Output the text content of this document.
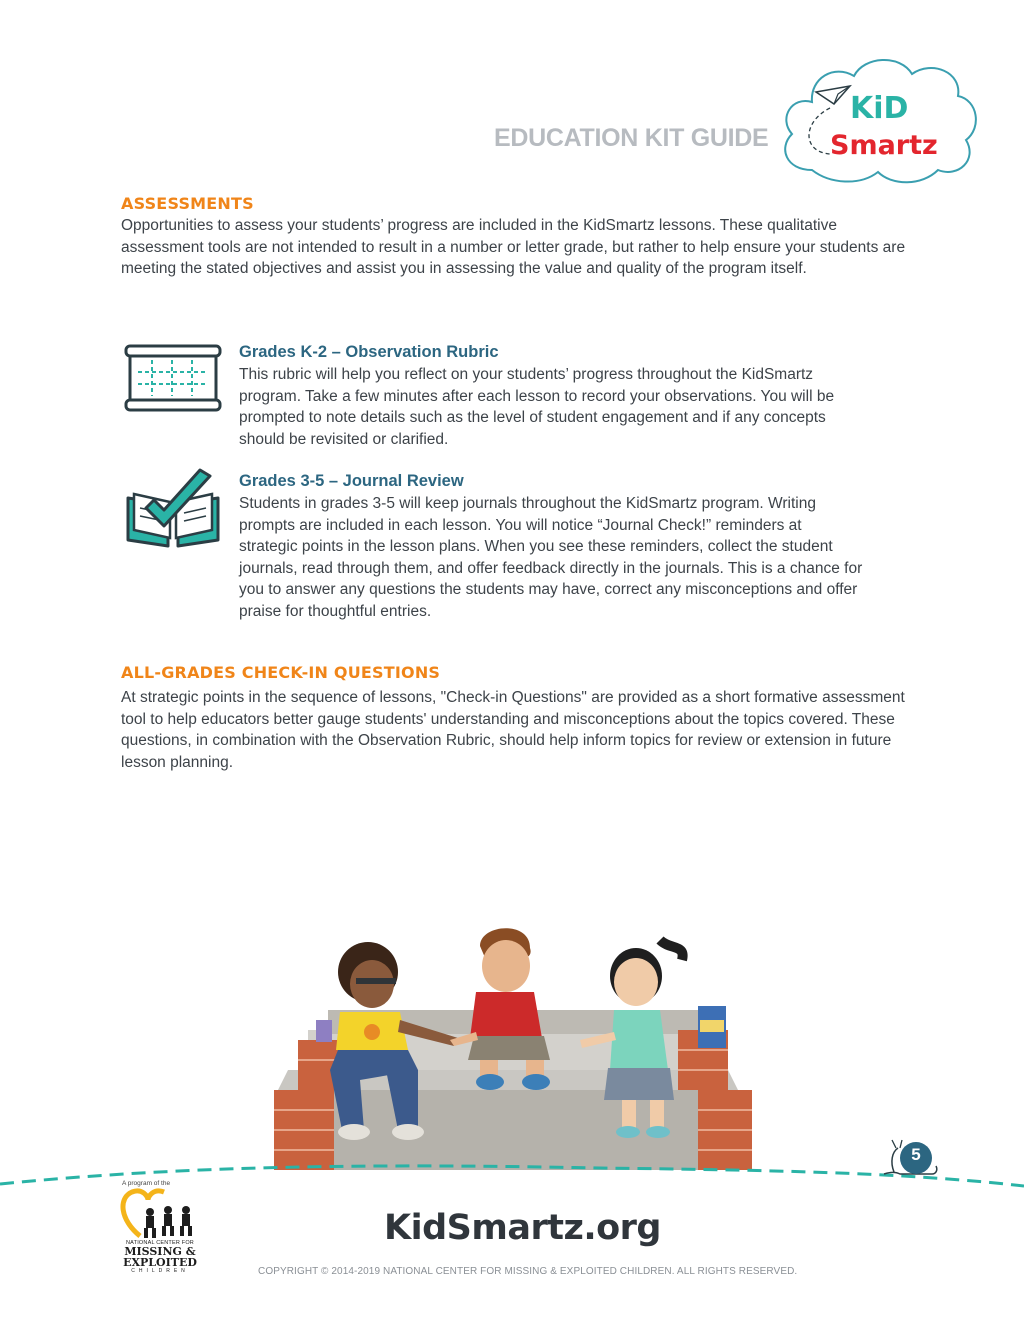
EDUCATION KIT GUIDE
KiD
Smartz
ASSESSMENTS
Opportunities to assess your students’ progress are included in the KidSmartz lessons. These qualitative assessment tools are not intended to result in a number or letter grade, but rather to help ensure your students are meeting the stated objectives and assist you in assessing the value and quality of the program itself.
Grades K-2 – Observation Rubric
This rubric will help you reflect on your students’ progress throughout the KidSmartz program. Take a few minutes after each lesson to record your observations. You will be prompted to note details such as the level of student engagement and if any concepts should be revisited or clarified.
Grades 3-5 – Journal Review
Students in grades 3-5 will keep journals throughout the KidSmartz program. Writing prompts are included in each lesson. You will notice “Journal Check!” reminders at strategic points in the lesson plans. When you see these reminders, collect the student journals, read through them, and offer feedback directly in the journals. This is a chance for you to answer any questions the students may have, correct any misconceptions and offer praise for thoughtful entries.
ALL-GRADES CHECK-IN QUESTIONS
At strategic points in the sequence of lessons, "Check-in Questions" are provided as a short formative assessment tool to help educators better gauge students' understanding and misconceptions about the topics covered. These questions, in combination with the Observation Rubric, should help inform topics for review or extension in future lesson planning.
5
A program of the
NATIONAL CENTER FOR
MISSING &
EXPLOITED
CHILDREN
KidSmartz.org
COPYRIGHT © 2014-2019 NATIONAL CENTER FOR MISSING & EXPLOITED CHILDREN. ALL RIGHTS RESERVED.
